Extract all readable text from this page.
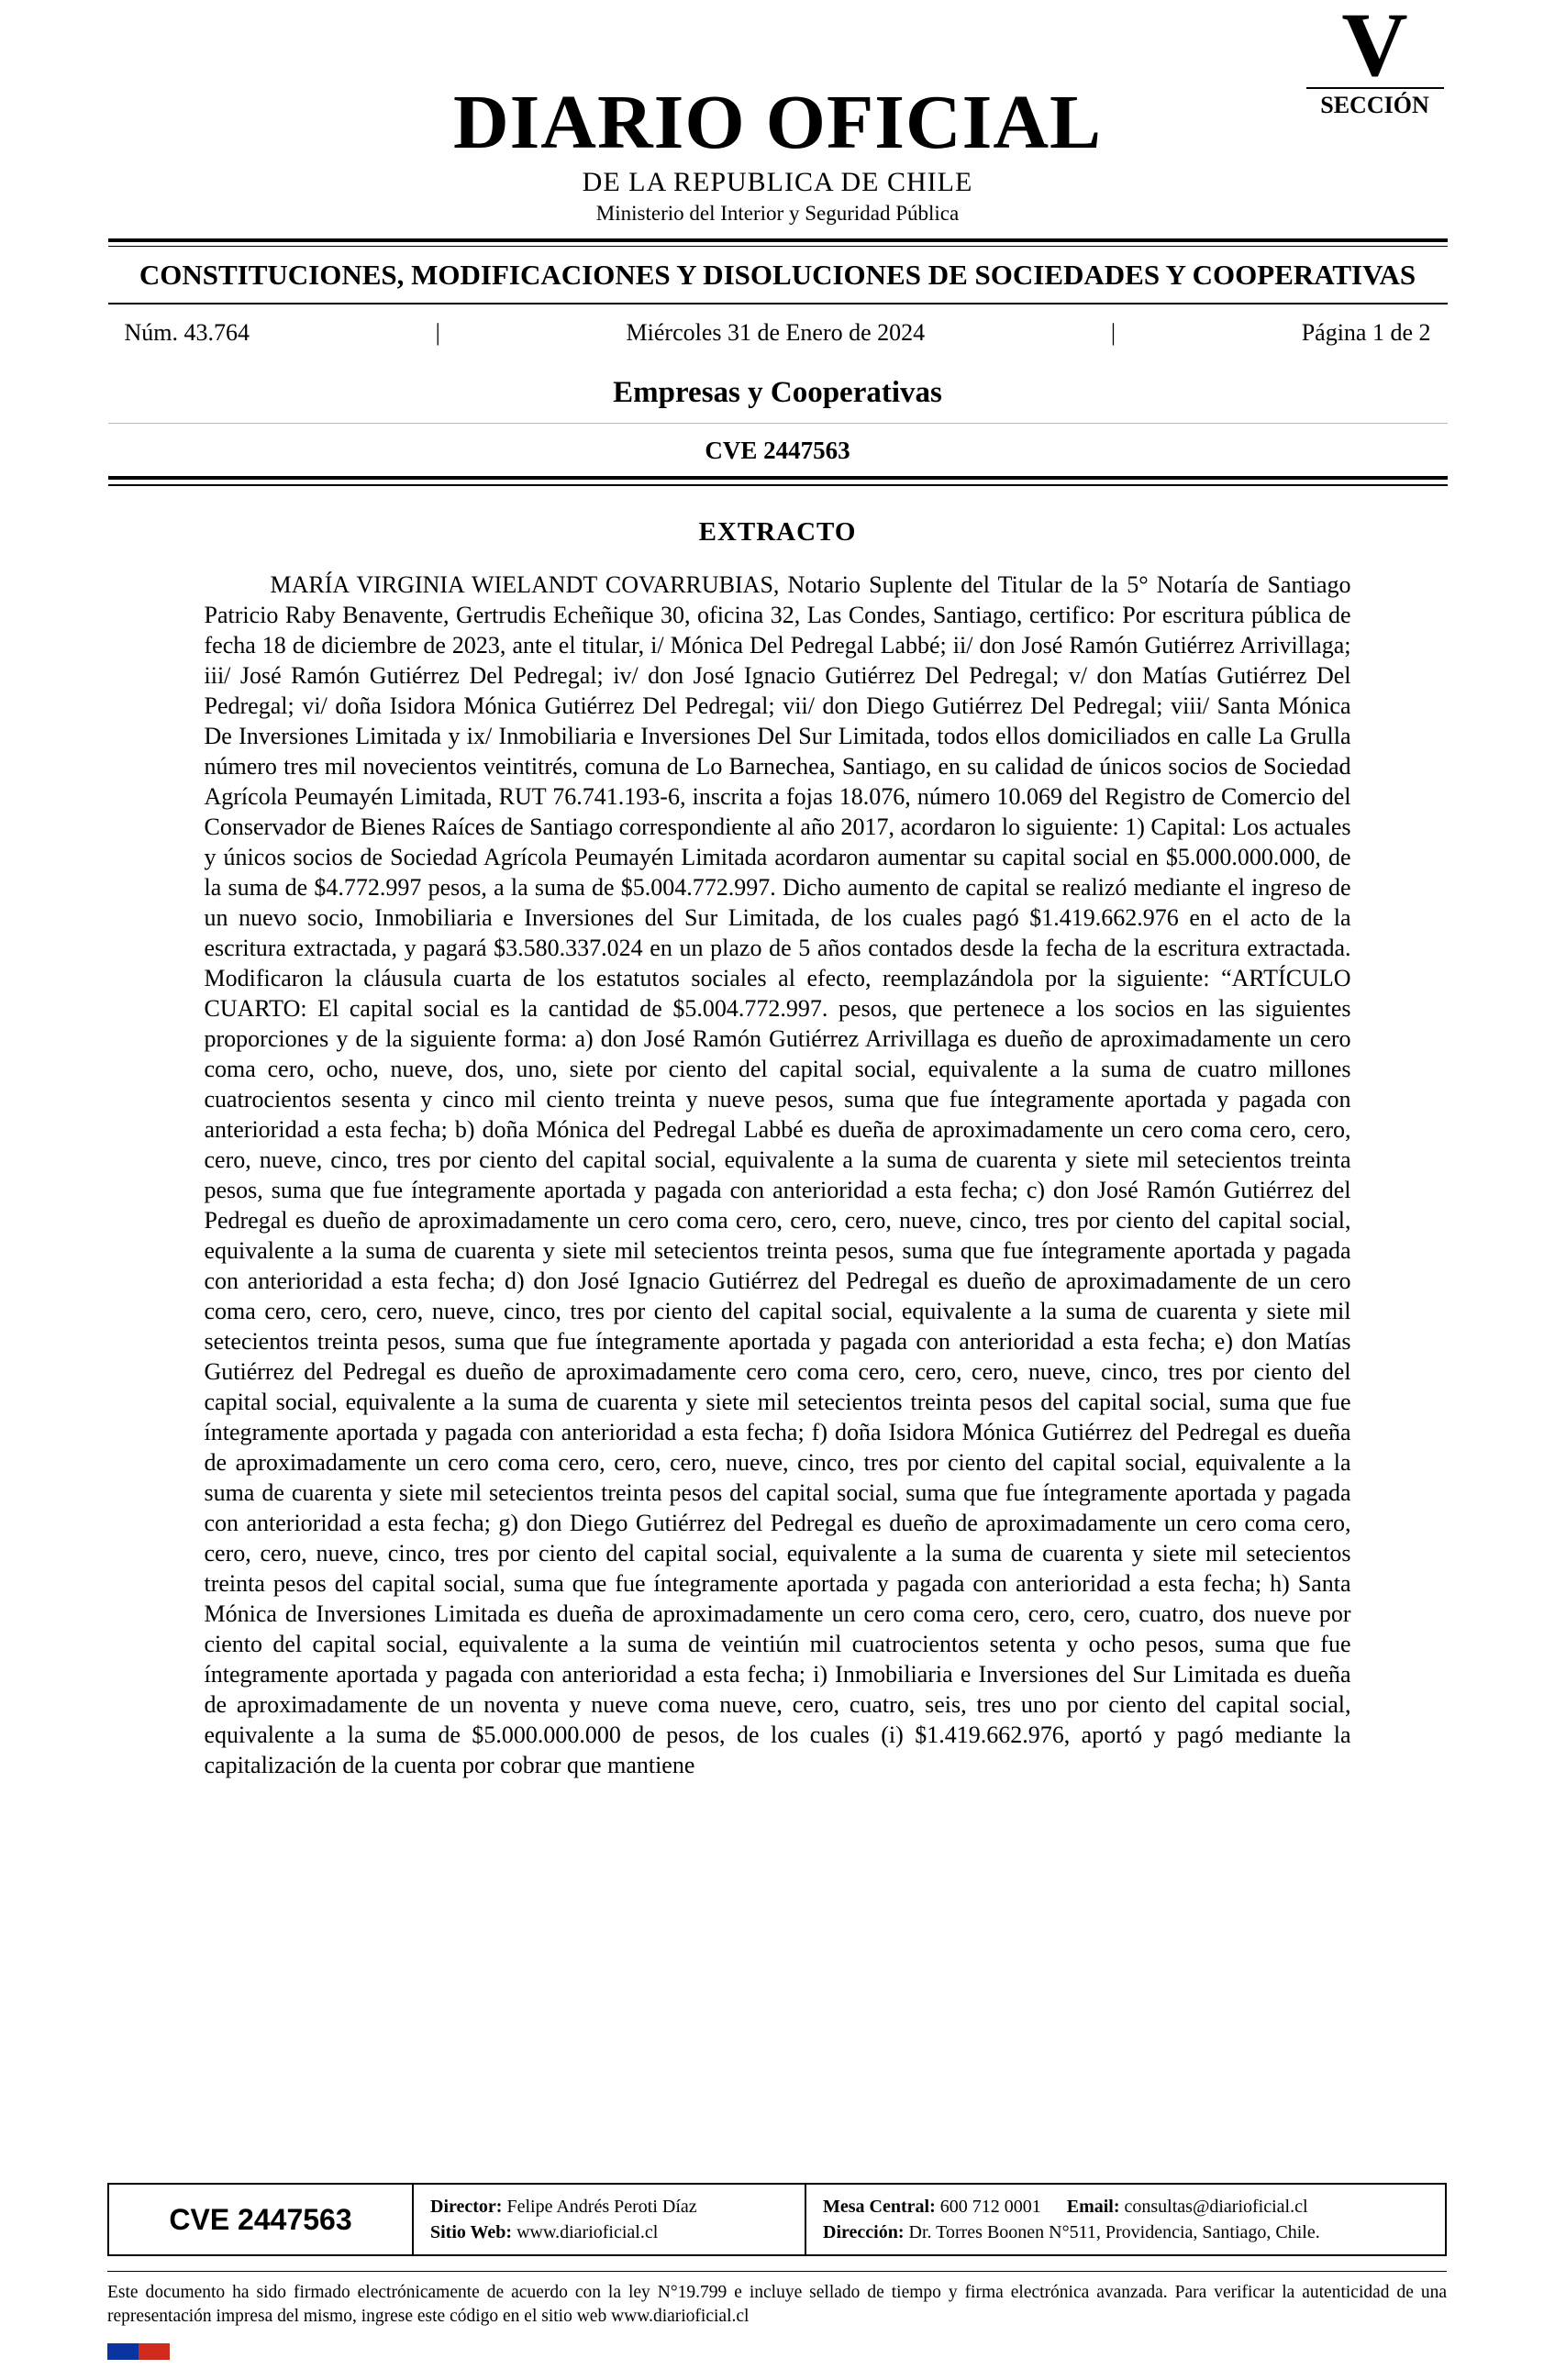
DIARIO OFICIAL
DE LA REPUBLICA DE CHILE
Ministerio del Interior y Seguridad Pública
V
SECCIÓN
CONSTITUCIONES, MODIFICACIONES Y DISOLUCIONES DE SOCIEDADES Y COOPERATIVAS
Núm. 43.764	|	Miércoles 31 de Enero de 2024	|	Página 1 de 2
Empresas y Cooperativas
CVE 2447563
EXTRACTO
MARÍA VIRGINIA WIELANDT COVARRUBIAS, Notario Suplente del Titular de la 5° Notaría de Santiago Patricio Raby Benavente, Gertrudis Echeñique 30, oficina 32, Las Condes, Santiago, certifico: Por escritura pública de fecha 18 de diciembre de 2023, ante el titular, i/ Mónica Del Pedregal Labbé; ii/ don José Ramón Gutiérrez Arrivillaga; iii/ José Ramón Gutiérrez Del Pedregal; iv/ don José Ignacio Gutiérrez Del Pedregal; v/ don Matías Gutiérrez Del Pedregal; vi/ doña Isidora Mónica Gutiérrez Del Pedregal; vii/ don Diego Gutiérrez Del Pedregal; viii/ Santa Mónica De Inversiones Limitada y ix/ Inmobiliaria e Inversiones Del Sur Limitada, todos ellos domiciliados en calle La Grulla número tres mil novecientos veintitrés, comuna de Lo Barnechea, Santiago, en su calidad de únicos socios de Sociedad Agrícola Peumayén Limitada, RUT 76.741.193-6, inscrita a fojas 18.076, número 10.069 del Registro de Comercio del Conservador de Bienes Raíces de Santiago correspondiente al año 2017, acordaron lo siguiente: 1) Capital: Los actuales y únicos socios de Sociedad Agrícola Peumayén Limitada acordaron aumentar su capital social en $5.000.000.000, de la suma de $4.772.997 pesos, a la suma de $5.004.772.997. Dicho aumento de capital se realizó mediante el ingreso de un nuevo socio, Inmobiliaria e Inversiones del Sur Limitada, de los cuales pagó $1.419.662.976 en el acto de la escritura extractada, y pagará $3.580.337.024 en un plazo de 5 años contados desde la fecha de la escritura extractada. Modificaron la cláusula cuarta de los estatutos sociales al efecto, reemplazándola por la siguiente: “ARTÍCULO CUARTO: El capital social es la cantidad de $5.004.772.997. pesos, que pertenece a los socios en las siguientes proporciones y de la siguiente forma: a) don José Ramón Gutiérrez Arrivillaga es dueño de aproximadamente un cero coma cero, ocho, nueve, dos, uno, siete por ciento del capital social, equivalente a la suma de cuatro millones cuatrocientos sesenta y cinco mil ciento treinta y nueve pesos, suma que fue íntegramente aportada y pagada con anterioridad a esta fecha; b) doña Mónica del Pedregal Labbé es dueña de aproximadamente un cero coma cero, cero, cero, nueve, cinco, tres por ciento del capital social, equivalente a la suma de cuarenta y siete mil setecientos treinta pesos, suma que fue íntegramente aportada y pagada con anterioridad a esta fecha; c) don José Ramón Gutiérrez del Pedregal es dueño de aproximadamente un cero coma cero, cero, cero, nueve, cinco, tres por ciento del capital social, equivalente a la suma de cuarenta y siete mil setecientos treinta pesos, suma que fue íntegramente aportada y pagada con anterioridad a esta fecha; d) don José Ignacio Gutiérrez del Pedregal es dueño de aproximadamente de un cero coma cero, cero, cero, nueve, cinco, tres por ciento del capital social, equivalente a la suma de cuarenta y siete mil setecientos treinta pesos, suma que fue íntegramente aportada y pagada con anterioridad a esta fecha; e) don Matías Gutiérrez del Pedregal es dueño de aproximadamente cero coma cero, cero, cero, nueve, cinco, tres por ciento del capital social, equivalente a la suma de cuarenta y siete mil setecientos treinta pesos del capital social, suma que fue íntegramente aportada y pagada con anterioridad a esta fecha; f) doña Isidora Mónica Gutiérrez del Pedregal es dueña de aproximadamente un cero coma cero, cero, cero, nueve, cinco, tres por ciento del capital social, equivalente a la suma de cuarenta y siete mil setecientos treinta pesos del capital social, suma que fue íntegramente aportada y pagada con anterioridad a esta fecha; g) don Diego Gutiérrez del Pedregal es dueño de aproximadamente un cero coma cero, cero, cero, nueve, cinco, tres por ciento del capital social, equivalente a la suma de cuarenta y siete mil setecientos treinta pesos del capital social, suma que fue íntegramente aportada y pagada con anterioridad a esta fecha; h) Santa Mónica de Inversiones Limitada es dueña de aproximadamente un cero coma cero, cero, cero, cuatro, dos nueve por ciento del capital social, equivalente a la suma de veintiún mil cuatrocientos setenta y ocho pesos, suma que fue íntegramente aportada y pagada con anterioridad a esta fecha; i) Inmobiliaria e Inversiones del Sur Limitada es dueña de aproximadamente de un noventa y nueve coma nueve, cero, cuatro, seis, tres uno por ciento del capital social, equivalente a la suma de $5.000.000.000 de pesos, de los cuales (i) $1.419.662.976, aportó y pagó mediante la capitalización de la cuenta por cobrar que mantiene
CVE 2447563	Director: Felipe Andrés Peroti Díaz
Sitio Web: www.diarioficial.cl
Mesa Central: 600 712 0001 Email: consultas@diarioficial.cl
Dirección: Dr. Torres Boonen N°511, Providencia, Santiago, Chile.
Este documento ha sido firmado electrónicamente de acuerdo con la ley N°19.799 e incluye sellado de tiempo y firma electrónica avanzada. Para verificar la autenticidad de una representación impresa del mismo, ingrese este código en el sitio web www.diarioficial.cl
